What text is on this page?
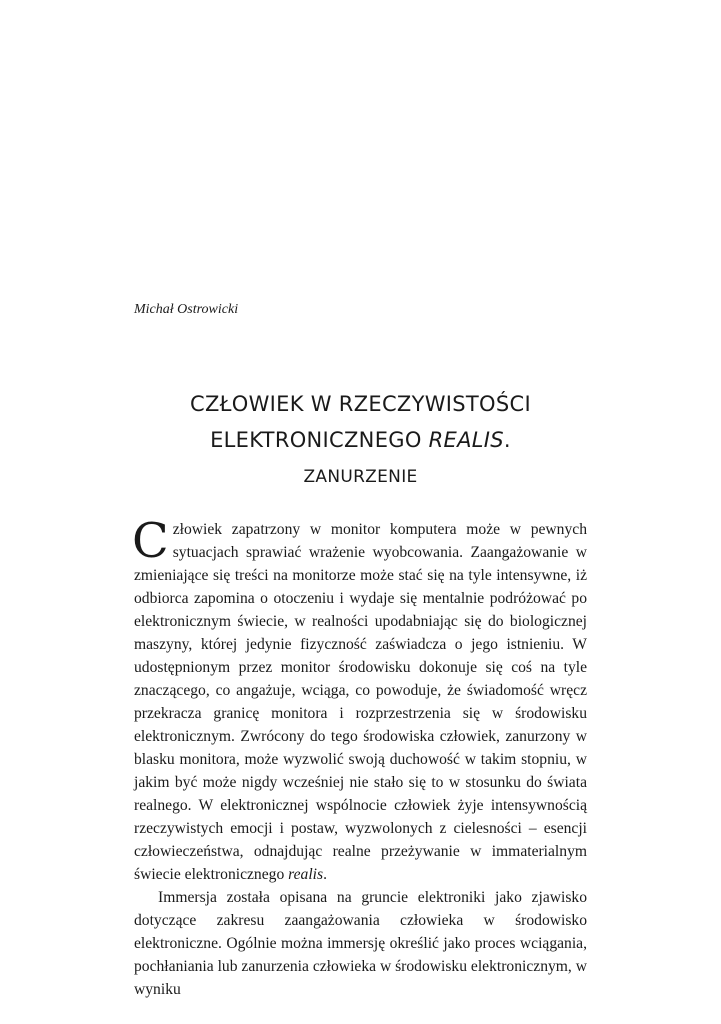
Michał Ostrowicki

CZŁOWIEK W RZECZYWISTOŚCI
ELEKTRONICZNEGO REALIS.
ZANURZENIE

Człowiek zapatrzony w monitor komputera może w pewnych sytuacjach sprawiać wrażenie wyobcowania. Zaangażowanie w zmieniające się treści na monitorze może stać się na tyle intensywne, iż odbiorca zapomina o otoczeniu i wydaje się mentalnie podróżować po elektronicznym świecie, w realności upodabniając się do biologicznej maszyny, której jedynie fizyczność zaświadcza o jego istnieniu. W udostępnionym przez monitor środowisku dokonuje się coś na tyle znaczącego, co angażuje, wciąga, co powoduje, że świadomość wręcz przekracza granicę monitora i rozprzestrzenia się w środowisku elektronicznym. Zwrócony do tego środowiska człowiek, zanurzony w blasku monitora, może wyzwolić swoją duchowość w takim stopniu, w jakim być może nigdy wcześniej nie stało się to w stosunku do świata realnego. W elektronicznej wspólnocie człowiek żyje intensywnością rzeczywistych emocji i postaw, wyzwolonych z cielesności – esencji człowieczeństwa, odnajdując realne przeżywanie w immaterialnym świecie elektronicznego realis.

Immersja została opisana na gruncie elektroniki jako zjawisko dotyczące zakresu zaangażowania człowieka w środowisko elektroniczne. Ogólnie można immersję określić jako proces wciągania, pochłaniania lub zanurzenia człowieka w środowisku elektronicznym, w wyniku
